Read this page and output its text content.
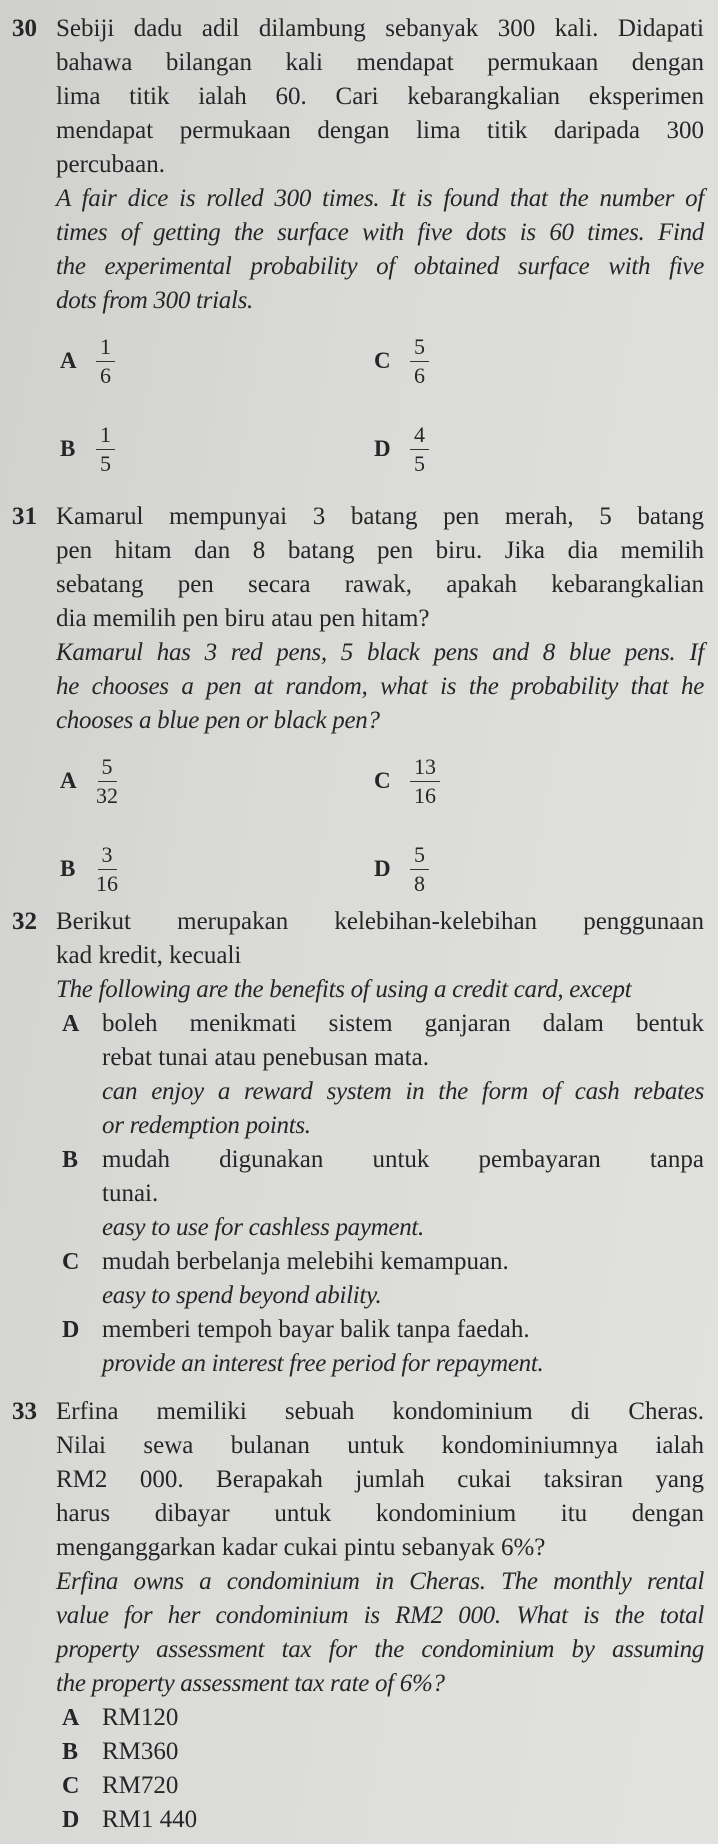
30 Sebiji dadu adil dilambung sebanyak 300 kali. Didapati
bahawa bilangan kali mendapat permukaan dengan
lima titik ialah 60. Cari kebarangkalian eksperimen
mendapat permukaan dengan lima titik daripada 300
percubaan.
A fair dice is rolled 300 times. It is found that the number of
times of getting the surface with five dots is 60 times. Find
the experimental probability of obtained surface with five
dots from 300 trials.
A $\frac{1}{6}$	C $\frac{5}{6}$
B $\frac{1}{5}$	D $\frac{4}{5}$
31 Kamarul mempunyai 3 batang pen merah, 5 batang
pen hitam dan 8 batang pen biru. Jika dia memilih
sebatang pen secara rawak, apakah kebarangkalian
dia memilih pen biru atau pen hitam?
Kamarul has 3 red pens, 5 black pens and 8 blue pens. If
he chooses a pen at random, what is the probability that he
chooses a blue pen or black pen?
A $\frac{5}{32}$	C $\frac{13}{16}$
B $\frac{3}{16}$	D $\frac{5}{8}$
32 Berikut merupakan kelebihan-kelebihan penggunaan
kad kredit, kecuali
The following are the benefits of using a credit card, except
A boleh menikmati sistem ganjaran dalam bentuk
rebat tunai atau penebusan mata.
can enjoy a reward system in the form of cash rebates
or redemption points.
B mudah digunakan untuk pembayaran tanpa
tunai.
easy to use for cashless payment.
C mudah berbelanja melebihi kemampuan.
easy to spend beyond ability.
D memberi tempoh bayar balik tanpa faedah.
provide an interest free period for repayment.
33 Erfina memiliki sebuah kondominium di Cheras.
Nilai sewa bulanan untuk kondominiumnya ialah
RM2 000. Berapakah jumlah cukai taksiran yang
harus dibayar untuk kondominium itu dengan
menganggarkan kadar cukai pintu sebanyak 6%?
Erfina owns a condominium in Cheras. The monthly rental
value for her condominium is RM2 000. What is the total
property assessment tax for the condominium by assuming
the property assessment tax rate of 6%?
A RM120
B RM360
C RM720
D RM1 440
